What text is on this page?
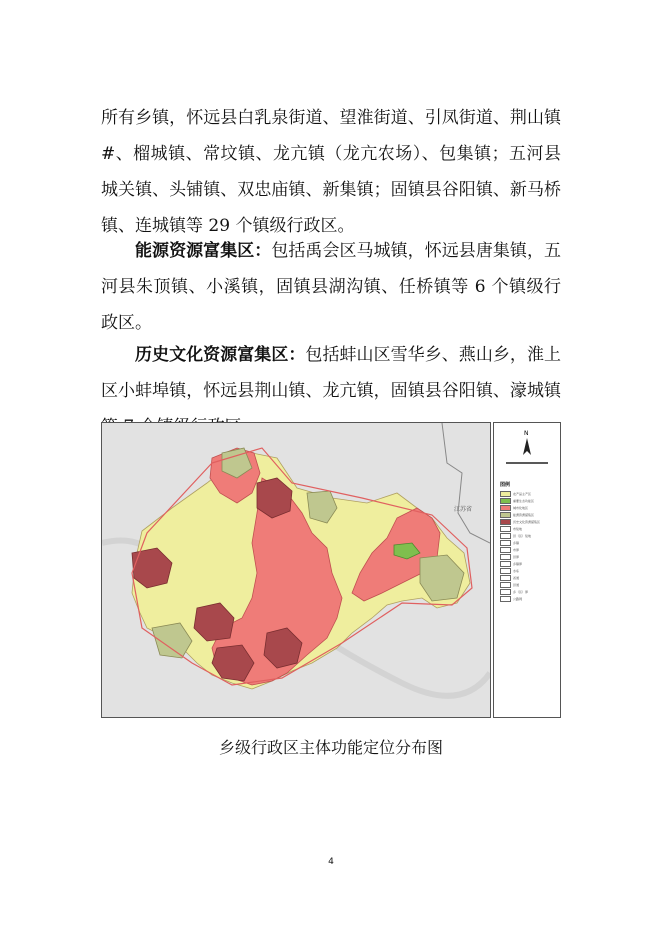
所有乡镇，怀远县白乳泉街道、望淮街道、引凤街道、荆山镇#、榴城镇、常坟镇、龙亢镇（龙亢农场）、包集镇；五河县城关镇、头铺镇、双忠庙镇、新集镇；固镇县谷阳镇、新马桥镇、连城镇等 29 个镇级行政区。

能源资源富集区：包括禹会区马城镇，怀远县唐集镇，五河县朱顶镇、小溪镇，固镇县湖沟镇、任桥镇等 6 个镇级行政区。

历史文化资源富集区：包括蚌山区雪华乡、燕山乡，淮上区小蚌埠镇，怀远县荆山镇、龙亢镇，固镇县谷阳镇、濠城镇

江苏省
N
图例
农产品主产区
重要生态功能区
城市化地区
能源资源富集区
历史文化资源富集区
市驻地
县（区）驻地
乡镇
市界
县界
乡镇界
水系
省道
县道
乡（区）界
公路网
乡级行政区主体功能定位分布图
4
